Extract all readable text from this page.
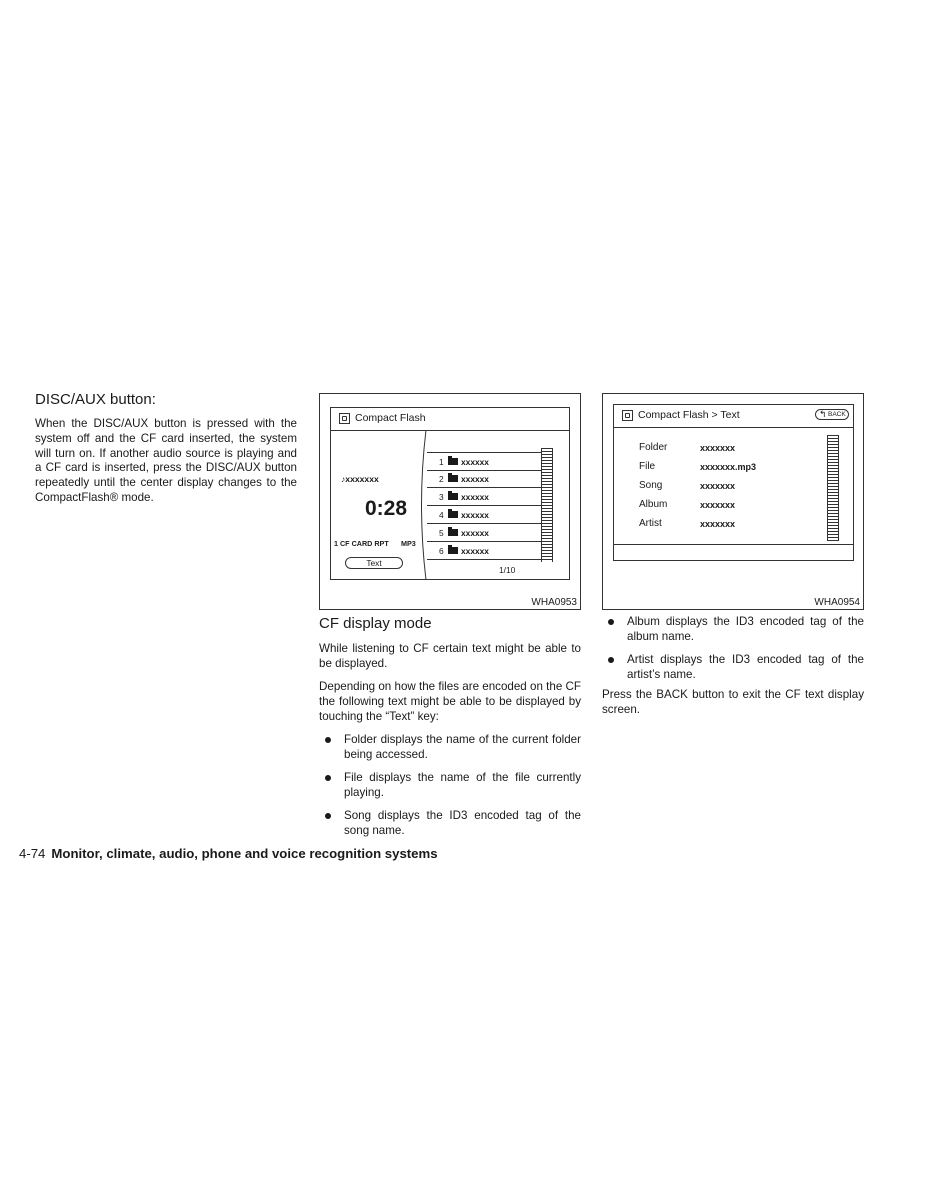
DISC/AUX button:

When the DISC/AUX button is pressed with the system off and the CF card inserted, the system will turn on. If another audio source is playing and a CF card is inserted, press the DISC/AUX button repeatedly until the center display changes to the CompactFlash® mode.

Compact Flash
♪xxxxxxx
0:28
1 CF CARD RPT MP3
Text
1 xxxxxx
2 xxxxxx
3 xxxxxx
4 xxxxxx
5 xxxxxx
6 xxxxxx
1/10
WHA0953
Compact Flash > Text	↰ BACK
Folder	xxxxxxx
File	xxxxxxx.mp3
Song	xxxxxxx
Album	xxxxxxx
Artist	xxxxxxx
WHA0954
CF display mode

While listening to CF certain text might be able to be displayed.

Depending on how the files are encoded on the CF the following text might be able to be displayed by touching the “Text” key:

Folder displays the name of the current folder being accessed.
File displays the name of the file currently playing.
Song displays the ID3 encoded tag of the song name.
Album displays the ID3 encoded tag of the album name.
Artist displays the ID3 encoded tag of the artist’s name.

Press the BACK button to exit the CF text display screen.

4-74 Monitor, climate, audio, phone and voice recognition systems
